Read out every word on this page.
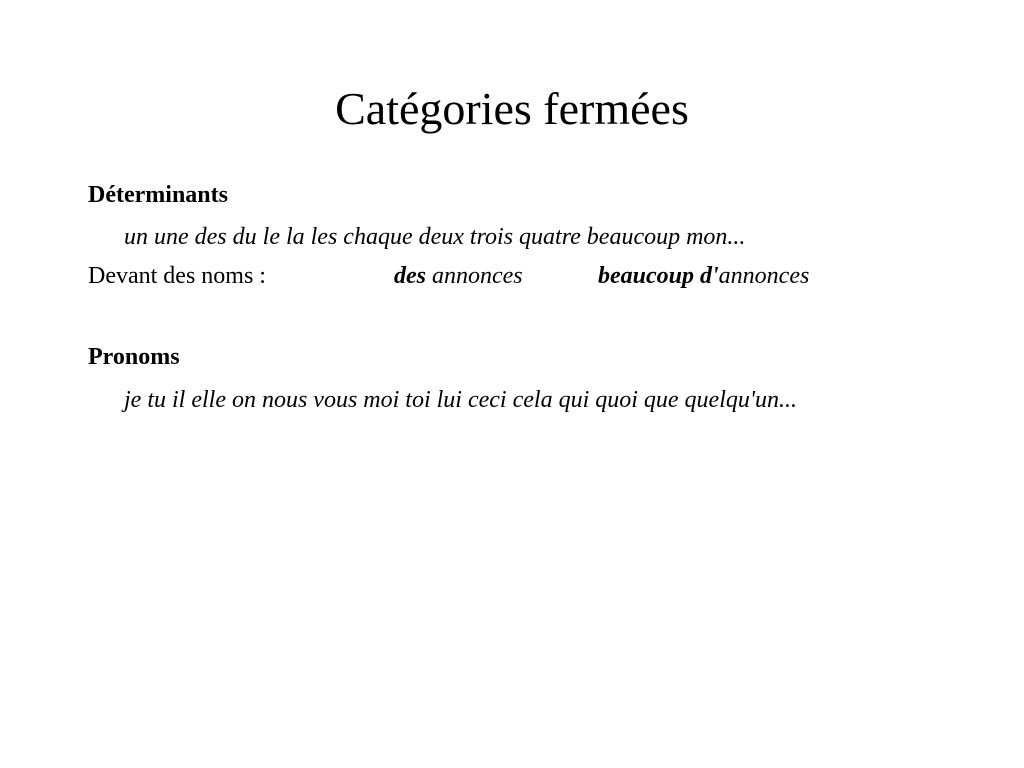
Catégories fermées

Déterminants

un une des du le la les chaque deux trois quatre beaucoup mon...

Devant des noms :	des annonces	beaucoup d'annonces

Pronoms

je tu il elle on nous vous moi toi lui ceci cela qui quoi que quelqu'un...
